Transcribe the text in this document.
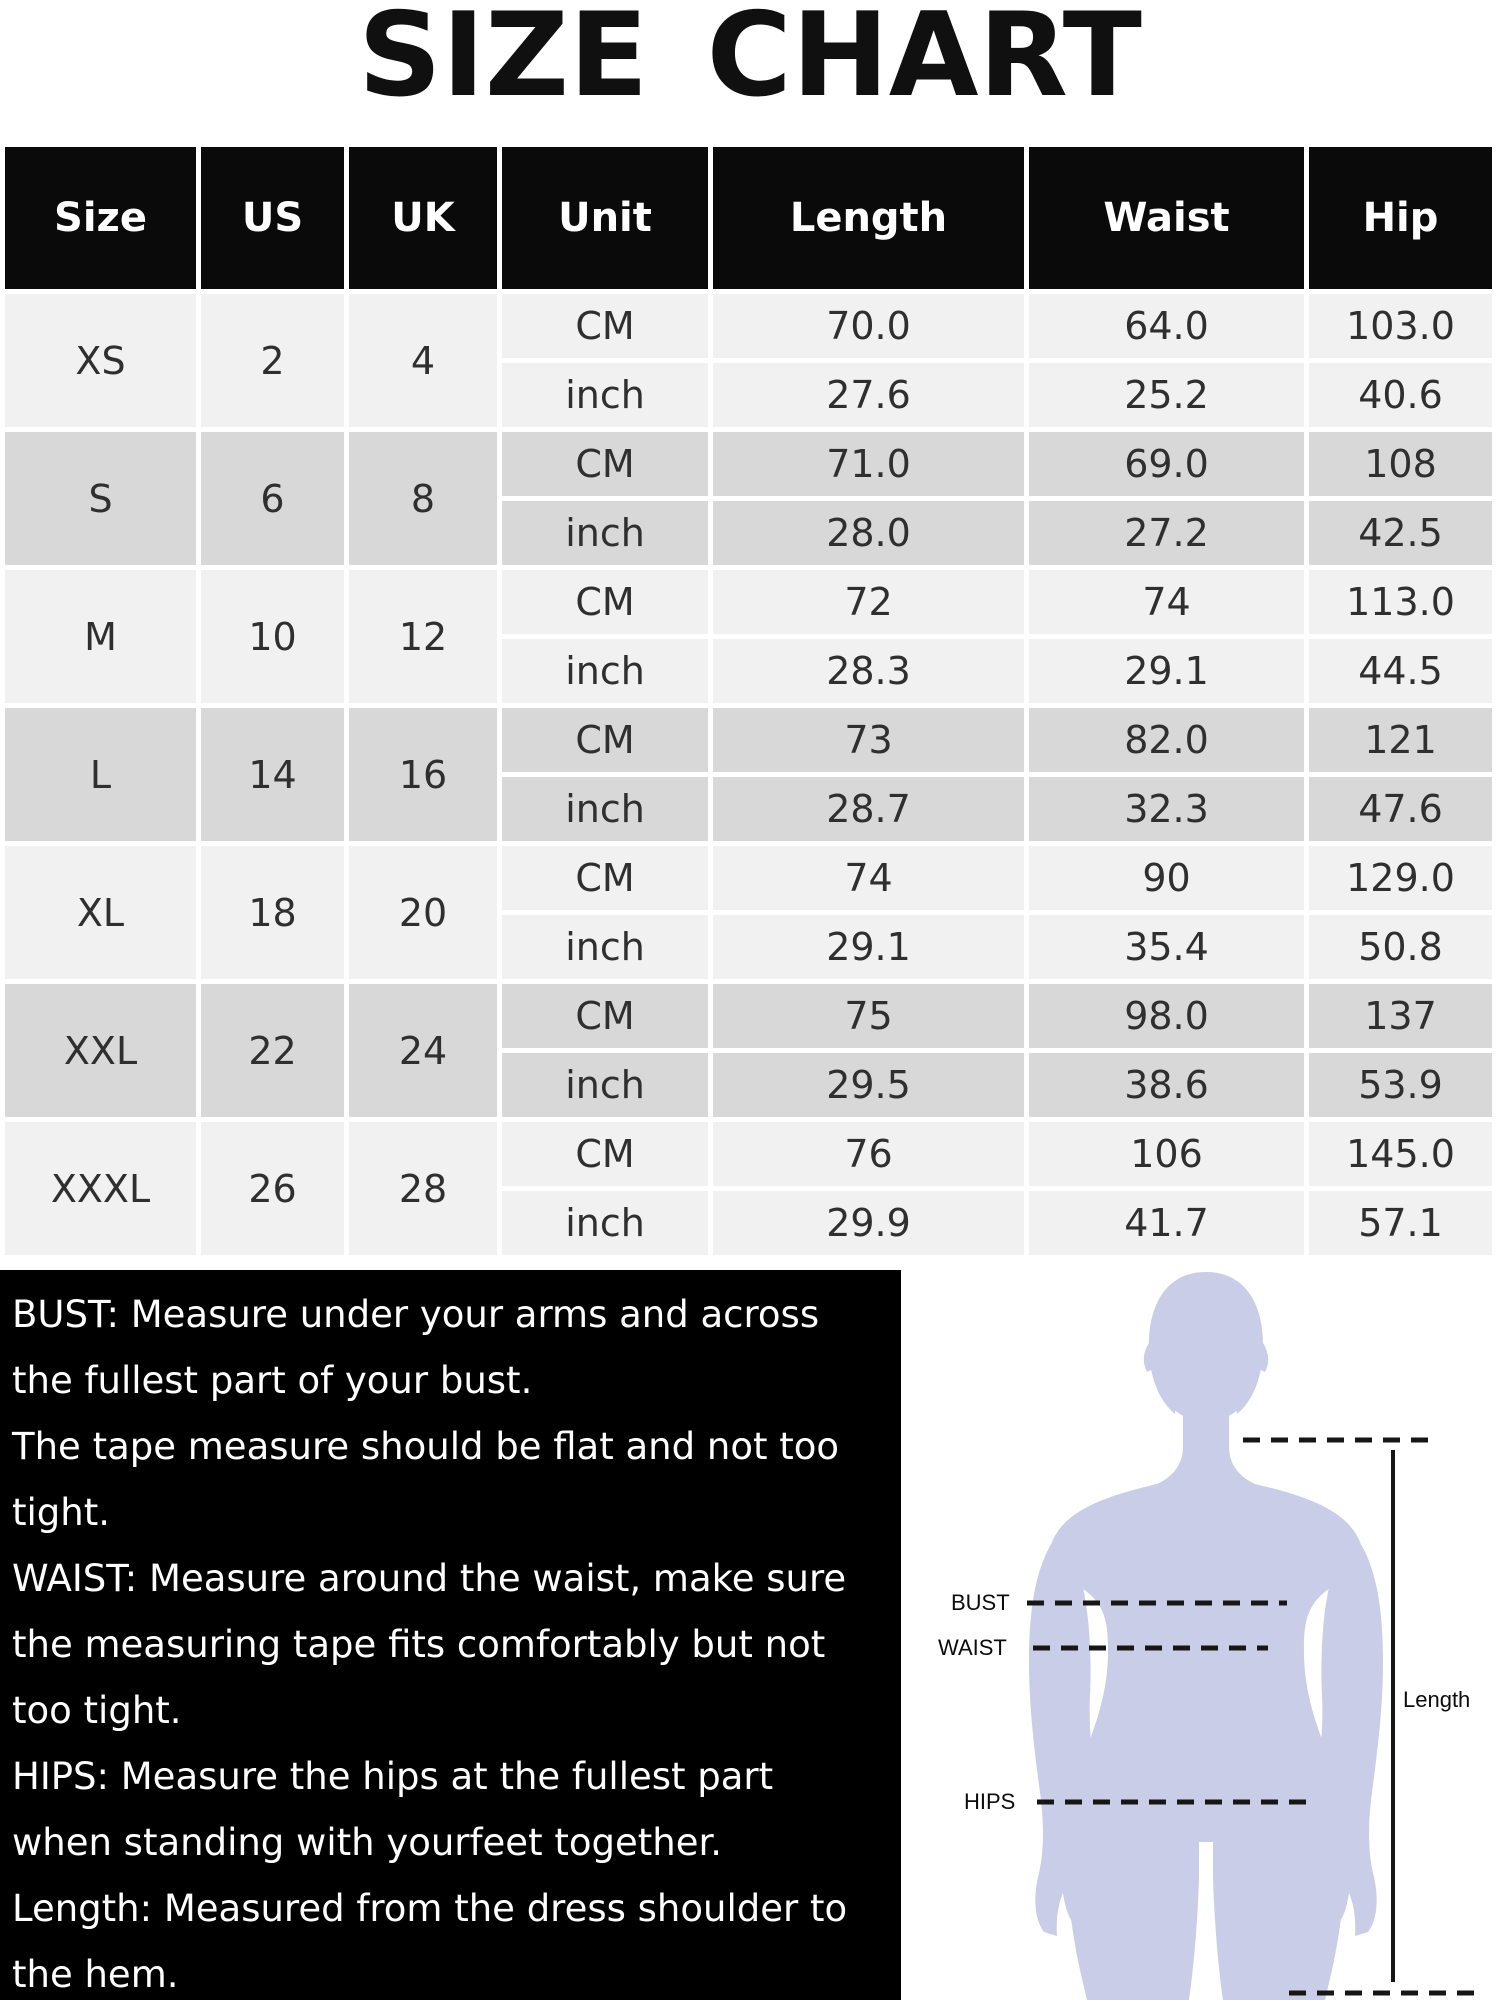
SIZE CHART
Size	US	UK	Unit	Length	Waist	Hip
XS	2	4	CM	70.0	64.0	103.0
			inch	27.6	25.2	40.6
S	6	8	CM	71.0	69.0	108
			inch	28.0	27.2	42.5
M	10	12	CM	72	74	113.0
			inch	28.3	29.1	44.5
L	14	16	CM	73	82.0	121
			inch	28.7	32.3	47.6
XL	18	20	CM	74	90	129.0
			inch	29.1	35.4	50.8
XXL	22	24	CM	75	98.0	137
			inch	29.5	38.6	53.9
XXXL	26	28	CM	76	106	145.0
			inch	29.9	41.7	57.1
BUST: Measure under your arms and across
the fullest part of your bust.
The tape measure should be flat and not too
tight.
WAIST: Measure around the waist, make sure
the measuring tape fits comfortably but not
too tight.
HIPS: Measure the hips at the fullest part
when standing with yourfeet together.
Length: Measured from the dress shoulder to
the hem.
BUST
WAIST
HIPS
Length
